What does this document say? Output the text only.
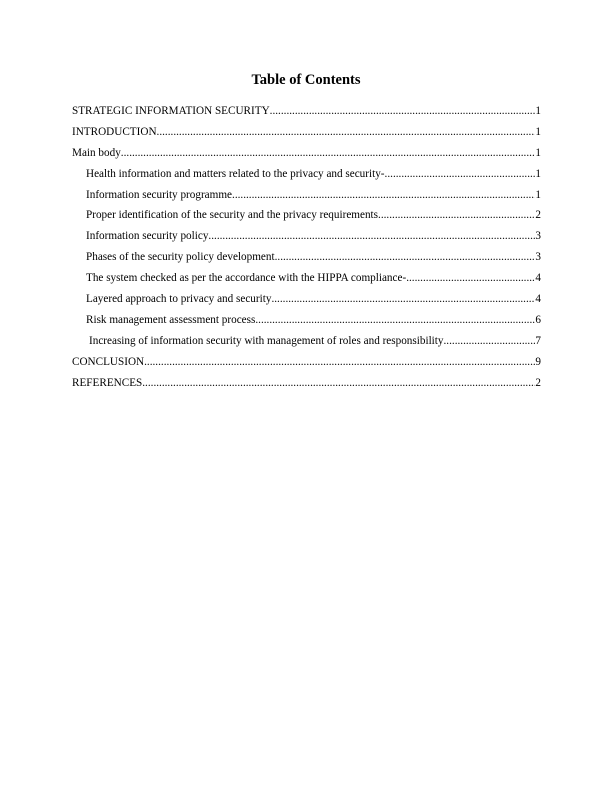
Table of Contents
STRATEGIC INFORMATION SECURITY .....	1
INTRODUCTION .....	1
Main body .....	1
Health information and matters related to the privacy and security- .....	1
Information security programme .....	1
Proper identification of the security and the privacy requirements .....	2
Information security policy .....	3
Phases of the security policy development .....	3
The system checked as per the accordance with the HIPPA compliance- .....	4
Layered approach to privacy and security .....	4
Risk management assessment process .....	6
Increasing of information security with management of roles and responsibility .....	7
CONCLUSION .....	9
REFERENCES .....	2
